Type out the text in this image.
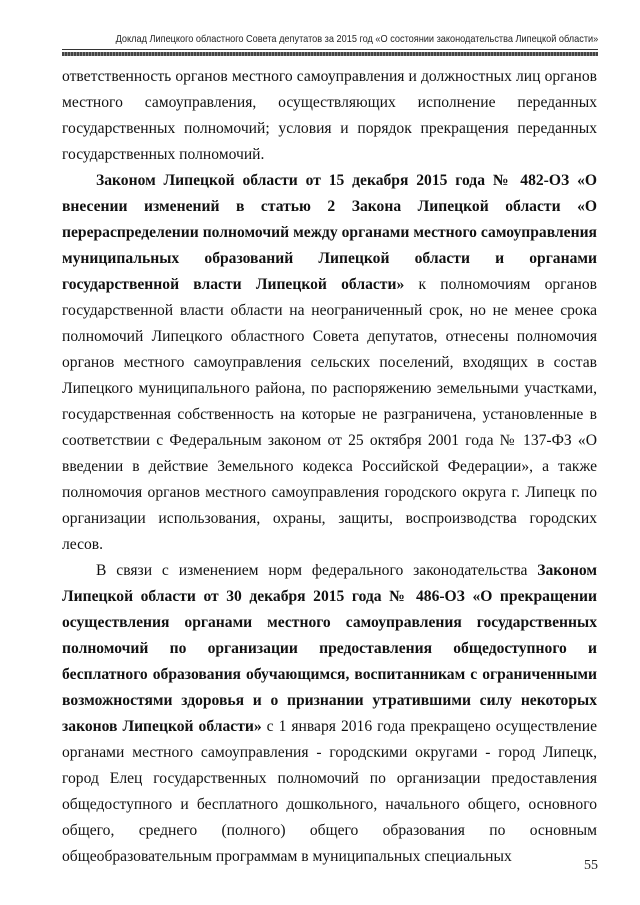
Доклад Липецкого областного Совета депутатов за 2015 год «О состоянии законодательства Липецкой области»

ответственность органов местного самоуправления и должностных лиц органов местного самоуправления, осуществляющих исполнение переданных государственных полномочий; условия и порядок прекращения переданных государственных полномочий.

Законом Липецкой области от 15 декабря 2015 года № 482-ОЗ «О внесении изменений в статью 2 Закона Липецкой области «О перераспределении полномочий между органами местного самоуправления муниципальных образований Липецкой области и органами государственной власти Липецкой области» к полномочиям органов государственной власти области на неограниченный срок, но не менее срока полномочий Липецкого областного Совета депутатов, отнесены полномочия органов местного самоуправления сельских поселений, входящих в состав Липецкого муниципального района, по распоряжению земельными участками, государственная собственность на которые не разграничена, установленные в соответствии с Федеральным законом от 25 октября 2001 года № 137-ФЗ «О введении в действие Земельного кодекса Российской Федерации», а также полномочия органов местного самоуправления городского округа г. Липецк по организации использования, охраны, защиты, воспроизводства городских лесов.

В связи с изменением норм федерального законодательства Законом Липецкой области от 30 декабря 2015 года № 486-ОЗ «О прекращении осуществления органами местного самоуправления государственных полномочий по организации предоставления общедоступного и бесплатного образования обучающимся, воспитанникам с ограниченными возможностями здоровья и о признании утратившими силу некоторых законов Липецкой области» с 1 января 2016 года прекращено осуществление органами местного самоуправления - городскими округами - город Липецк, город Елец государственных полномочий по организации предоставления общедоступного и бесплатного дошкольного, начального общего, основного общего, среднего (полного) общего образования по основным общеобразовательным программам в муниципальных специальных

55
